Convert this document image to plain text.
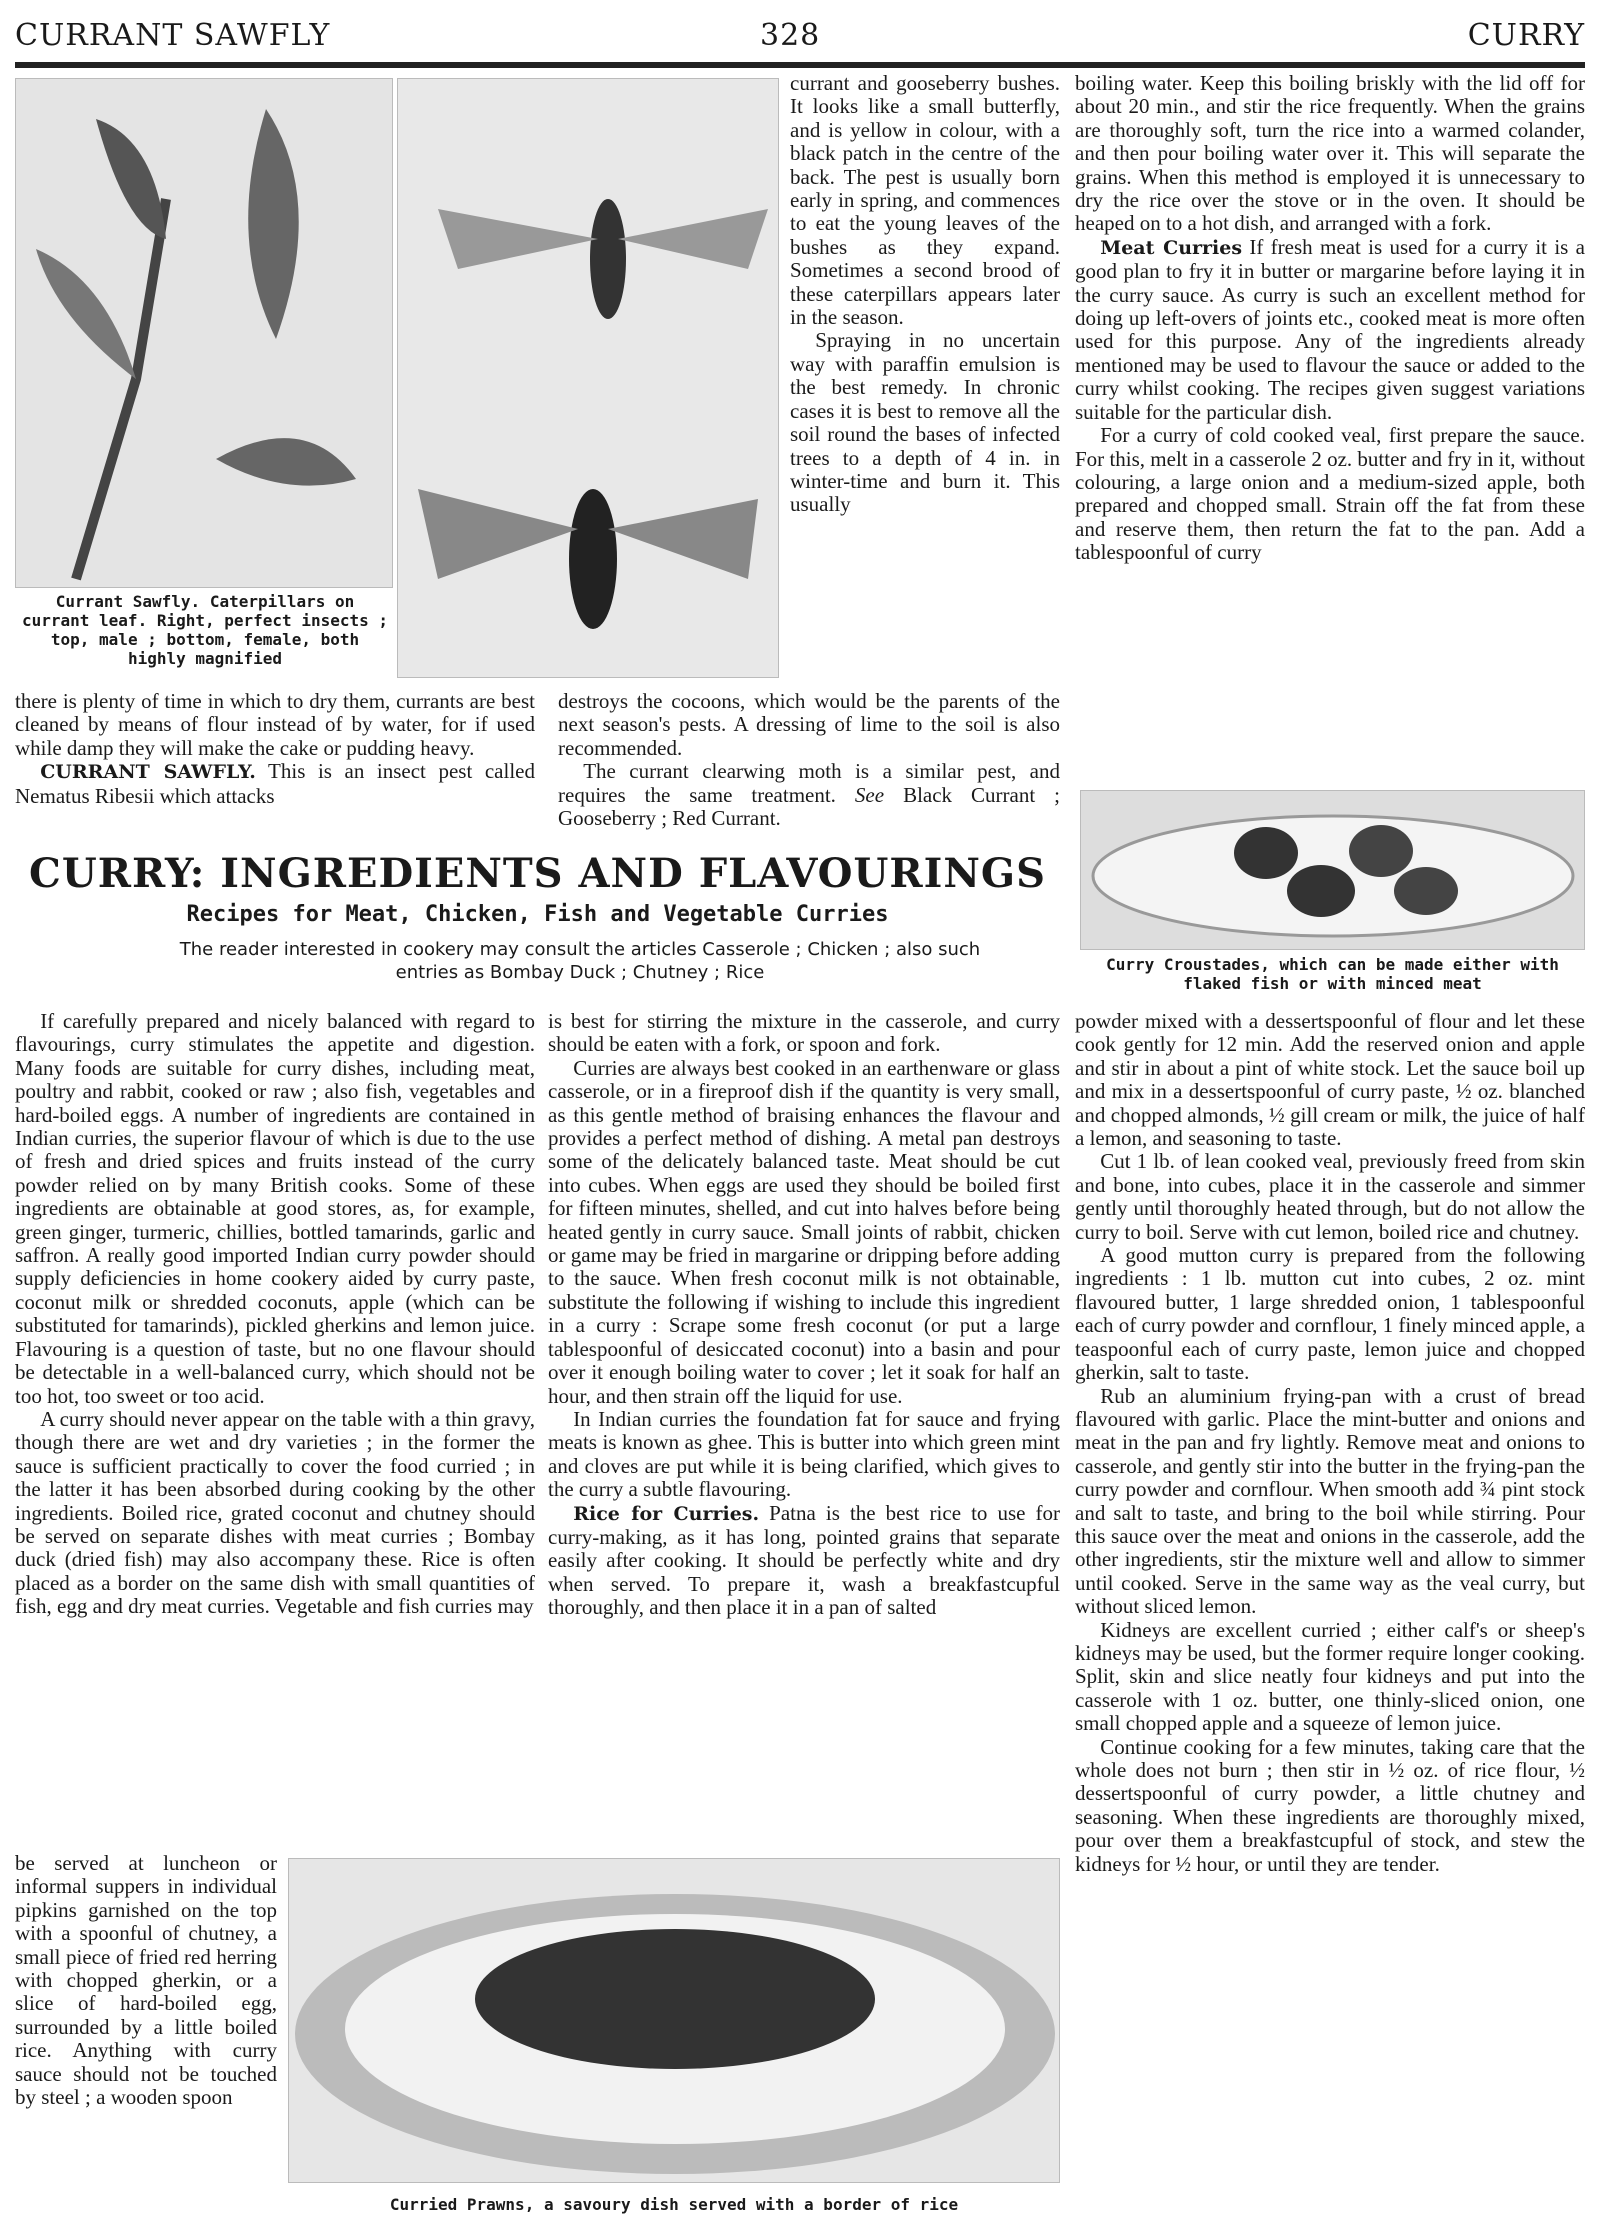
CURRANT SAWFLY	328	CURRY
Currant Sawfly. Caterpillars on currant leaf. Right, perfect insects ; top, male ; bottom, female, both highly magnified

currant and gooseberry bushes. It looks like a small butterfly, and is yellow in colour, with a black patch in the centre of the back. The pest is usually born early in spring, and commences to eat the young leaves of the bushes as they expand. Sometimes a second brood of these caterpillars appears later in the season.

Spraying in no uncertain way with paraffin emulsion is the best remedy. In chronic cases it is best to remove all the soil round the bases of infected trees to a depth of 4 in. in winter-time and burn it. This usually

there is plenty of time in which to dry them, currants are best cleaned by means of flour instead of by water, for if used while damp they will make the cake or pudding heavy.

CURRANT SAWFLY. This is an insect pest called Nematus Ribesii which attacks

destroys the cocoons, which would be the parents of the next season's pests. A dressing of lime to the soil is also recommended.

The currant clearwing moth is a similar pest, and requires the same treatment. See Black Currant ; Gooseberry ; Red Currant.

boiling water. Keep this boiling briskly with the lid off for about 20 min., and stir the rice frequently. When the grains are thoroughly soft, turn the rice into a warmed colander, and then pour boiling water over it. This will separate the grains. When this method is employed it is unnecessary to dry the rice over the stove or in the oven. It should be heaped on to a hot dish, and arranged with a fork.

Meat Curries If fresh meat is used for a curry it is a good plan to fry it in butter or margarine before laying it in the curry sauce. As curry is such an excellent method for doing up left-overs of joints etc., cooked meat is more often used for this purpose. Any of the ingredients already mentioned may be used to flavour the sauce or added to the curry whilst cooking. The recipes given suggest variations suitable for the particular dish.

For a curry of cold cooked veal, first prepare the sauce. For this, melt in a casserole 2 oz. butter and fry in it, without colouring, a large onion and a medium-sized apple, both prepared and chopped small. Strain off the fat from these and reserve them, then return the fat to the pan. Add a tablespoonful of curry

Curry Croustades, which can be made either with flaked fish or with minced meat
CURRY: INGREDIENTS AND FLAVOURINGS
Recipes for Meat, Chicken, Fish and Vegetable Curries
The reader interested in cookery may consult the articles Casserole ; Chicken ; also such entries as Bombay Duck ; Chutney ; Rice

If carefully prepared and nicely balanced with regard to flavourings, curry stimulates the appetite and digestion. Many foods are suitable for curry dishes, including meat, poultry and rabbit, cooked or raw ; also fish, vegetables and hard-boiled eggs. A number of ingredients are contained in Indian curries, the superior flavour of which is due to the use of fresh and dried spices and fruits instead of the curry powder relied on by many British cooks. Some of these ingredients are obtainable at good stores, as, for example, green ginger, turmeric, chillies, bottled tamarinds, garlic and saffron. A really good imported Indian curry powder should supply deficiencies in home cookery aided by curry paste, coconut milk or shredded coconuts, apple (which can be substituted for tamarinds), pickled gherkins and lemon juice. Flavouring is a question of taste, but no one flavour should be detectable in a well-balanced curry, which should not be too hot, too sweet or too acid.

A curry should never appear on the table with a thin gravy, though there are wet and dry varieties ; in the former the sauce is sufficient practically to cover the food curried ; in the latter it has been absorbed during cooking by the other ingredients. Boiled rice, grated coconut and chutney should be served on separate dishes with meat curries ; Bombay duck (dried fish) may also accompany these. Rice is often placed as a border on the same dish with small quantities of fish, egg and dry meat curries. Vegetable and fish curries may

be served at luncheon or informal suppers in individual pipkins garnished on the top with a spoonful of chutney, a small piece of fried red herring with chopped gherkin, or a slice of hard-boiled egg, surrounded by a little boiled rice. Anything with curry sauce should not be touched by steel ; a wooden spoon

is best for stirring the mixture in the casserole, and curry should be eaten with a fork, or spoon and fork.

Curries are always best cooked in an earthenware or glass casserole, or in a fireproof dish if the quantity is very small, as this gentle method of braising enhances the flavour and provides a perfect method of dishing. A metal pan destroys some of the delicately balanced taste. Meat should be cut into cubes. When eggs are used they should be boiled first for fifteen minutes, shelled, and cut into halves before being heated gently in curry sauce. Small joints of rabbit, chicken or game may be fried in margarine or dripping before adding to the sauce. When fresh coconut milk is not obtainable, substitute the following if wishing to include this ingredient in a curry : Scrape some fresh coconut (or put a large tablespoonful of desiccated coconut) into a basin and pour over it enough boiling water to cover ; let it soak for half an hour, and then strain off the liquid for use.

In Indian curries the foundation fat for sauce and frying meats is known as ghee. This is butter into which green mint and cloves are put while it is being clarified, which gives to the curry a subtle flavouring.

Rice for Curries. Patna is the best rice to use for curry-making, as it has long, pointed grains that separate easily after cooking. It should be perfectly white and dry when served. To prepare it, wash a breakfastcupful thoroughly, and then place it in a pan of salted

powder mixed with a dessertspoonful of flour and let these cook gently for 12 min. Add the reserved onion and apple and stir in about a pint of white stock. Let the sauce boil up and mix in a dessertspoonful of curry paste, ½ oz. blanched and chopped almonds, ½ gill cream or milk, the juice of half a lemon, and seasoning to taste.

Cut 1 lb. of lean cooked veal, previously freed from skin and bone, into cubes, place it in the casserole and simmer gently until thoroughly heated through, but do not allow the curry to boil. Serve with cut lemon, boiled rice and chutney.

A good mutton curry is prepared from the following ingredients : 1 lb. mutton cut into cubes, 2 oz. mint flavoured butter, 1 large shredded onion, 1 tablespoonful each of curry powder and cornflour, 1 finely minced apple, a teaspoonful each of curry paste, lemon juice and chopped gherkin, salt to taste.

Rub an aluminium frying-pan with a crust of bread flavoured with garlic. Place the mint-butter and onions and meat in the pan and fry lightly. Remove meat and onions to casserole, and gently stir into the butter in the frying-pan the curry powder and cornflour. When smooth add ¾ pint stock and salt to taste, and bring to the boil while stirring. Pour this sauce over the meat and onions in the casserole, add the other ingredients, stir the mixture well and allow to simmer until cooked. Serve in the same way as the veal curry, but without sliced lemon.

Kidneys are excellent curried ; either calf's or sheep's kidneys may be used, but the former require longer cooking. Split, skin and slice neatly four kidneys and put into the casserole with 1 oz. butter, one thinly-sliced onion, one small chopped apple and a squeeze of lemon juice.

Continue cooking for a few minutes, taking care that the whole does not burn ; then stir in ½ oz. of rice flour, ½ dessertspoonful of curry powder, a little chutney and seasoning. When these ingredients are thoroughly mixed, pour over them a breakfastcupful of stock, and stew the kidneys for ½ hour, or until they are tender.

Curried Prawns, a savoury dish served with a border of rice
